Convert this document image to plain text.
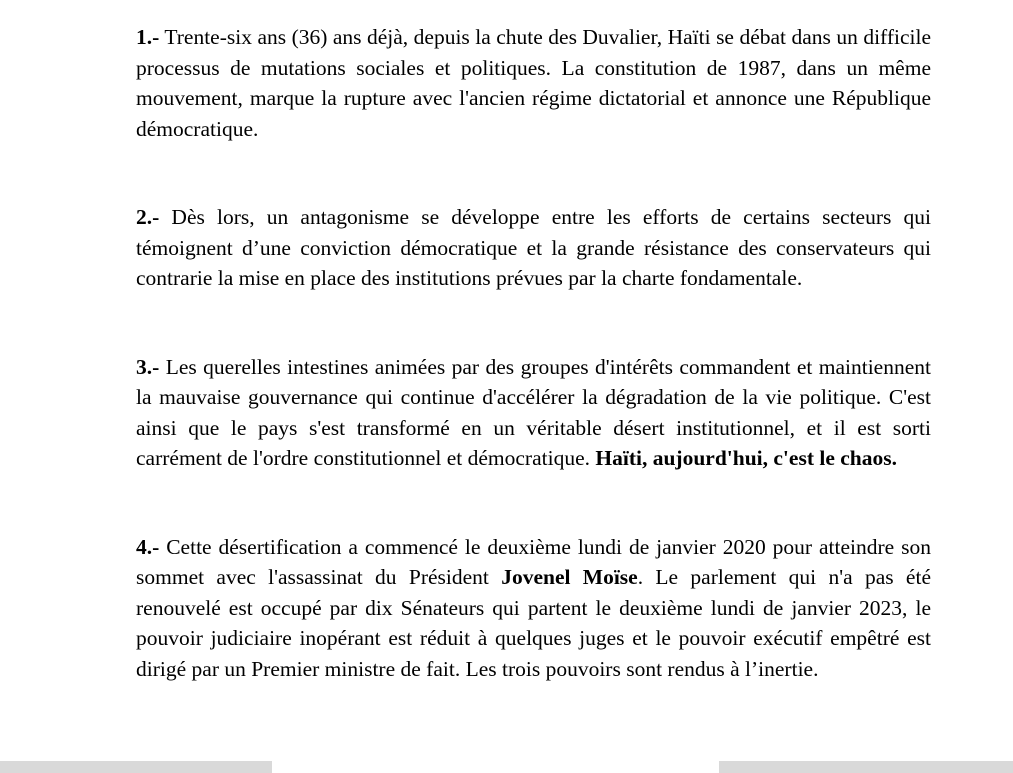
1.- Trente-six ans (36) ans déjà, depuis la chute des Duvalier, Haïti se débat dans un difficile processus de mutations sociales et politiques. La constitution de 1987, dans un même mouvement, marque la rupture avec l'ancien régime dictatorial et annonce une République démocratique.

2.- Dès lors, un antagonisme se développe entre les efforts de certains secteurs qui témoignent d’une conviction démocratique et la grande résistance des conservateurs qui contrarie la mise en place des institutions prévues par la charte fondamentale.

3.- Les querelles intestines animées par des groupes d'intérêts commandent et maintiennent la mauvaise gouvernance qui continue d'accélérer la dégradation de la vie politique. C'est ainsi que le pays s'est transformé en un véritable désert institutionnel, et il est sorti carrément de l'ordre constitutionnel et démocratique. Haïti, aujourd'hui, c'est le chaos.

4.- Cette désertification a commencé le deuxième lundi de janvier 2020 pour atteindre son sommet avec l'assassinat du Président Jovenel Moïse. Le parlement qui n'a pas été renouvelé est occupé par dix Sénateurs qui partent le deuxième lundi de janvier 2023, le pouvoir judiciaire inopérant est réduit à quelques juges et le pouvoir exécutif empêtré est dirigé par un Premier ministre de fait. Les trois pouvoirs sont rendus à l’inertie.
